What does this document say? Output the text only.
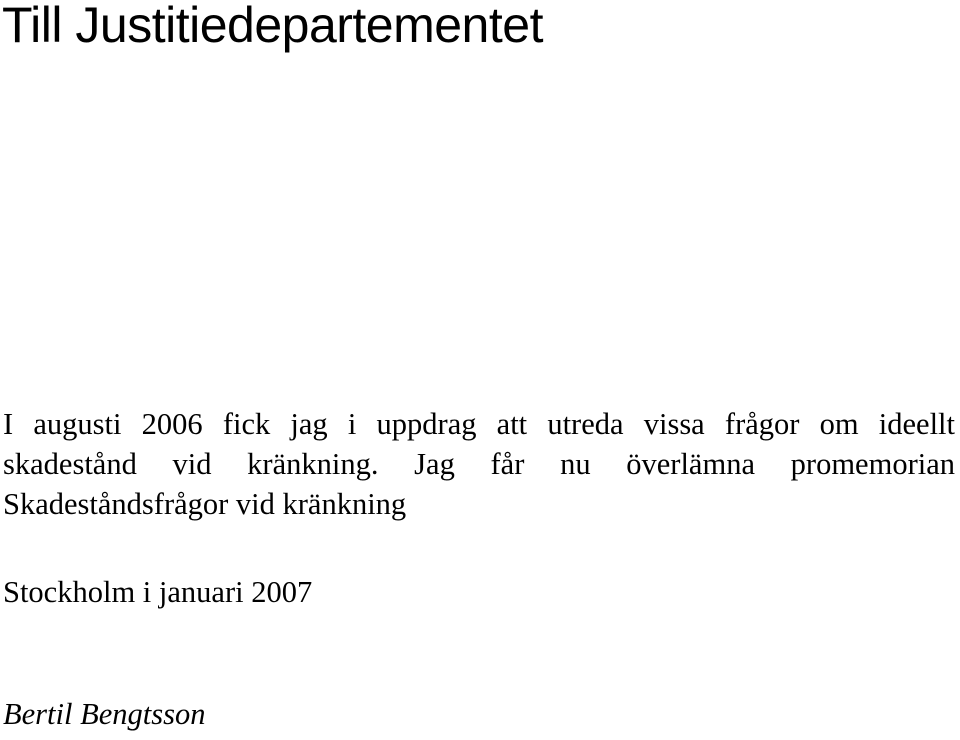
Till Justitiedepartementet

I augusti 2006 fick jag i uppdrag att utreda vissa frågor om ideellt
skadestånd vid kränkning. Jag får nu överlämna promemorian
Skadeståndsfrågor vid kränkning

Stockholm i januari 2007

Bertil Bengtsson
